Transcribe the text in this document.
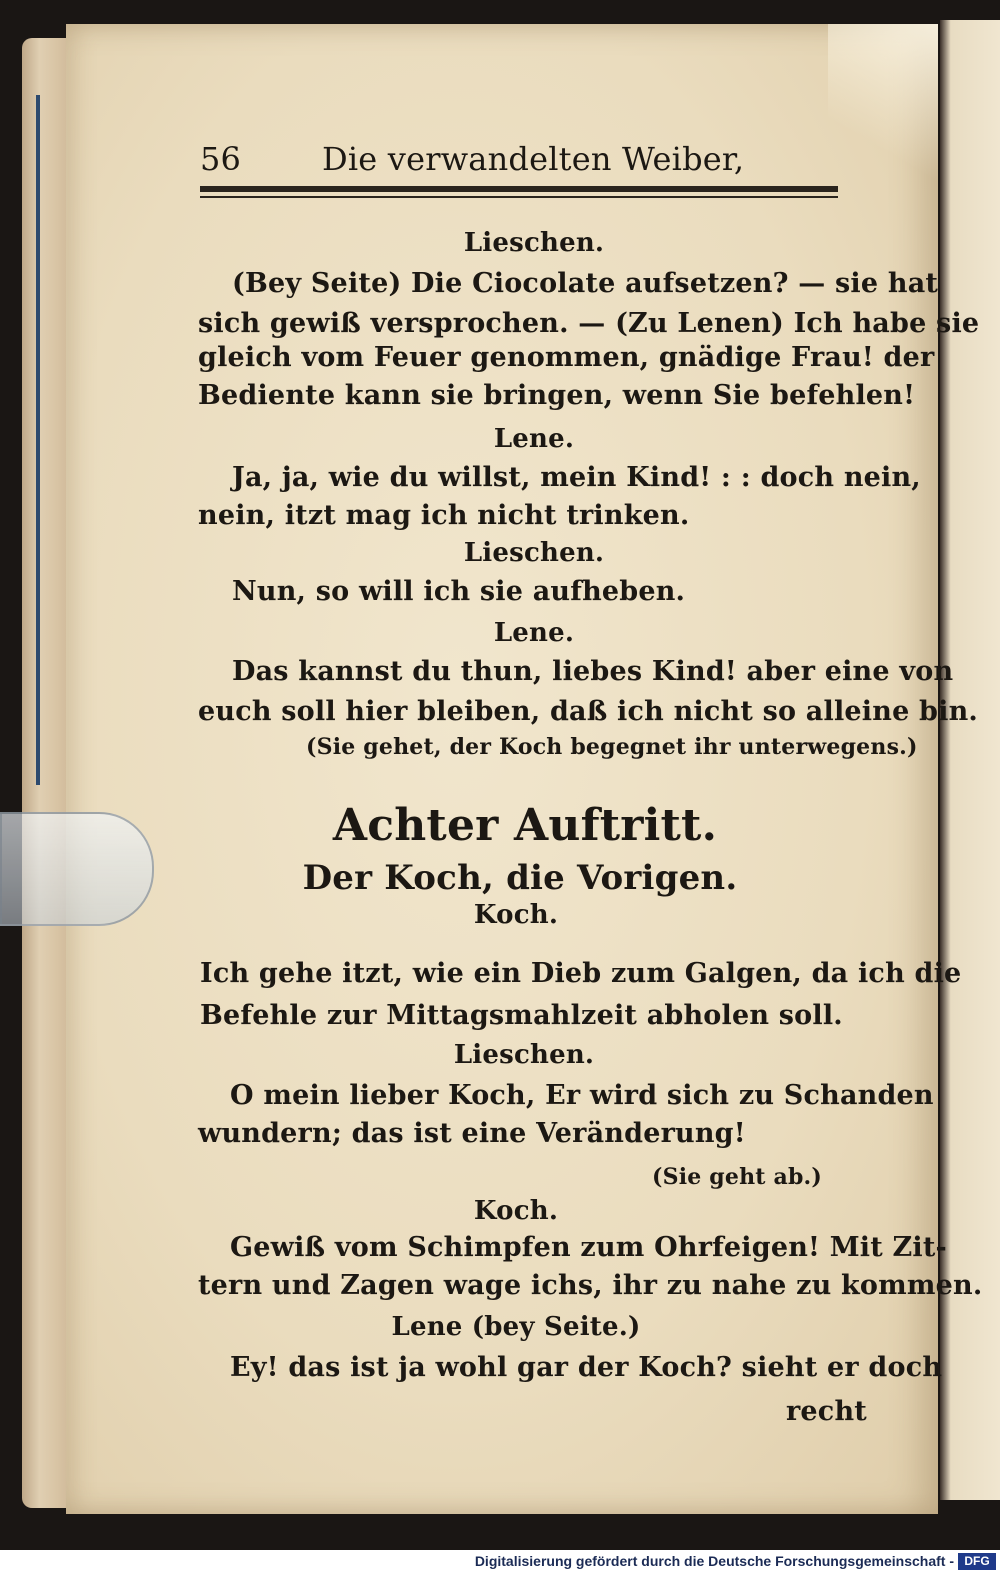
56	Die verwandelten Weiber,
Lieschen.
(Bey Seite) Die Ciocolate aufsetzen? — sie hat
sich gewiß versprochen. — (Zu Lenen) Ich habe sie
gleich vom Feuer genommen, gnädige Frau! der
Bediente kann sie bringen, wenn Sie befehlen!
Lene.
Ja, ja, wie du willst, mein Kind! : : doch nein,
nein, itzt mag ich nicht trinken.
Lieschen.
Nun, so will ich sie aufheben.
Lene.
Das kannst du thun, liebes Kind! aber eine von
euch soll hier bleiben, daß ich nicht so alleine bin.
(Sie gehet, der Koch begegnet ihr unterwegens.)
Achter Auftritt.
Der Koch, die Vorigen.
Koch.
Ich gehe itzt, wie ein Dieb zum Galgen, da ich die
Befehle zur Mittagsmahlzeit abholen soll.
Lieschen.
O mein lieber Koch, Er wird sich zu Schanden
wundern; das ist eine Veränderung!
(Sie geht ab.)
Koch.
Gewiß vom Schimpfen zum Ohrfeigen! Mit Zit-
tern und Zagen wage ichs, ihr zu nahe zu kommen.
Lene (bey Seite.)
Ey! das ist ja wohl gar der Koch? sieht er doch
recht
Digitalisierung gefördert durch die Deutsche Forschungsgemeinschaft - DFG
